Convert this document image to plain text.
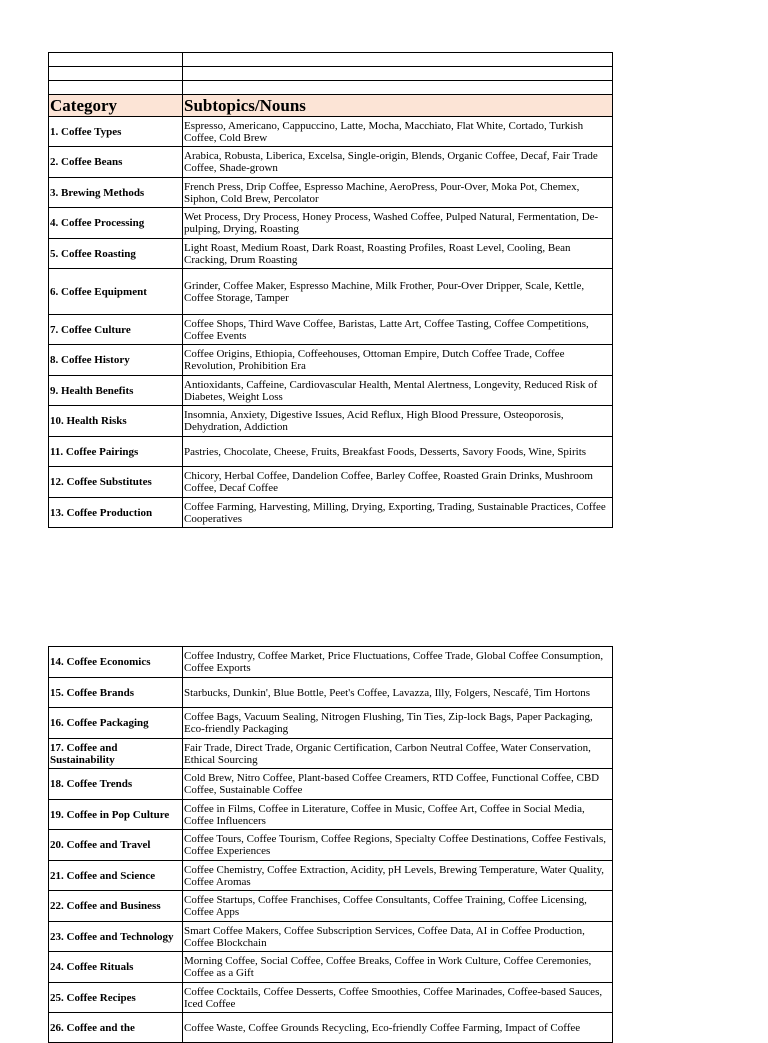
Category	Subtopics/Nouns
1. Coffee Types	Espresso, Americano, Cappuccino, Latte, Mocha, Macchiato, Flat White, Cortado, Turkish Coffee, Cold Brew
2. Coffee Beans	Arabica, Robusta, Liberica, Excelsa, Single-origin, Blends, Organic Coffee, Decaf, Fair Trade Coffee, Shade-grown
3. Brewing Methods	French Press, Drip Coffee, Espresso Machine, AeroPress, Pour-Over, Moka Pot, Chemex, Siphon, Cold Brew, Percolator
4. Coffee Processing	Wet Process, Dry Process, Honey Process, Washed Coffee, Pulped Natural, Fermentation, De-pulping, Drying, Roasting
5. Coffee Roasting	Light Roast, Medium Roast, Dark Roast, Roasting Profiles, Roast Level, Cooling, Bean Cracking, Drum Roasting
6. Coffee Equipment	Grinder, Coffee Maker, Espresso Machine, Milk Frother, Pour-Over Dripper, Scale, Kettle, Coffee Storage, Tamper
7. Coffee Culture	Coffee Shops, Third Wave Coffee, Baristas, Latte Art, Coffee Tasting, Coffee Competitions, Coffee Events
8. Coffee History	Coffee Origins, Ethiopia, Coffeehouses, Ottoman Empire, Dutch Coffee Trade, Coffee Revolution, Prohibition Era
9. Health Benefits	Antioxidants, Caffeine, Cardiovascular Health, Mental Alertness, Longevity, Reduced Risk of Diabetes, Weight Loss
10. Health Risks	Insomnia, Anxiety, Digestive Issues, Acid Reflux, High Blood Pressure, Osteoporosis, Dehydration, Addiction
11. Coffee Pairings	Pastries, Chocolate, Cheese, Fruits, Breakfast Foods, Desserts, Savory Foods, Wine, Spirits
12. Coffee Substitutes	Chicory, Herbal Coffee, Dandelion Coffee, Barley Coffee, Roasted Grain Drinks, Mushroom Coffee, Decaf Coffee
13. Coffee Production	Coffee Farming, Harvesting, Milling, Drying, Exporting, Trading, Sustainable Practices, Coffee Cooperatives
14. Coffee Economics	Coffee Industry, Coffee Market, Price Fluctuations, Coffee Trade, Global Coffee Consumption, Coffee Exports
15. Coffee Brands	Starbucks, Dunkin', Blue Bottle, Peet's Coffee, Lavazza, Illy, Folgers, Nescafé, Tim Hortons
16. Coffee Packaging	Coffee Bags, Vacuum Sealing, Nitrogen Flushing, Tin Ties, Zip-lock Bags, Paper Packaging, Eco-friendly Packaging
17. Coffee and Sustainability	Fair Trade, Direct Trade, Organic Certification, Carbon Neutral Coffee, Water Conservation, Ethical Sourcing
18. Coffee Trends	Cold Brew, Nitro Coffee, Plant-based Coffee Creamers, RTD Coffee, Functional Coffee, CBD Coffee, Sustainable Coffee
19. Coffee in Pop Culture	Coffee in Films, Coffee in Literature, Coffee in Music, Coffee Art, Coffee in Social Media, Coffee Influencers
20. Coffee and Travel	Coffee Tours, Coffee Tourism, Coffee Regions, Specialty Coffee Destinations, Coffee Festivals, Coffee Experiences
21. Coffee and Science	Coffee Chemistry, Coffee Extraction, Acidity, pH Levels, Brewing Temperature, Water Quality, Coffee Aromas
22. Coffee and Business	Coffee Startups, Coffee Franchises, Coffee Consultants, Coffee Training, Coffee Licensing, Coffee Apps
23. Coffee and Technology	Smart Coffee Makers, Coffee Subscription Services, Coffee Data, AI in Coffee Production, Coffee Blockchain
24. Coffee Rituals	Morning Coffee, Social Coffee, Coffee Breaks, Coffee in Work Culture, Coffee Ceremonies, Coffee as a Gift
25. Coffee Recipes	Coffee Cocktails, Coffee Desserts, Coffee Smoothies, Coffee Marinades, Coffee-based Sauces, Iced Coffee
26. Coffee and the	Coffee Waste, Coffee Grounds Recycling, Eco-friendly Coffee Farming, Impact of Coffee
